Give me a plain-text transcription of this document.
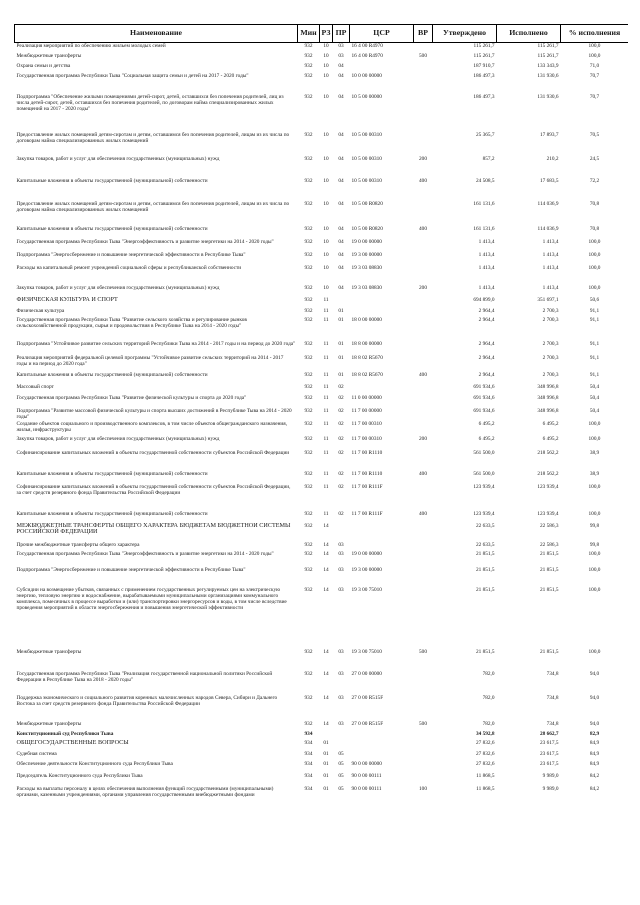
Наименование	Мин	РЗ	ПР	ЦСР	ВР	Утверждено	Исполнено	% исполнения
Реализация мероприятий по обеспечению жильем молодых семей	932	10	03	16 4 00 R4970		115 261,7	115 261,7	100,0
Межбюджетные трансферты	932	10	03	16 4 00 R4970	500	115 261,7	115 261,7	100,0
Охрана семьи и детства	932	10	04			187 910,7	133 343,9	71,0
Государственная программа Республики Тыва "Социальная защита семьи и детей на 2017 - 2020 годы"	932	10	04	10 0 00 00000		186 497,3	131 930,6	70,7
Подпрограмма "Обеспечение жилыми помещениями детей-сирот, детей, оставшихся без попечения родителей, лиц из числа детей-сирот, детей, оставшихся без попечения родителей, по договорам найма специализированных жилых помещений на 2017 - 2020 годы"	932	10	04	10 5 00 00000		186 497,3	131 930,6	70,7
Предоставление жилых помещений детям-сиротам и детям, оставшимся без попечения родителей, лицам из их числа по договорам найма специализированных жилых помещений	932	10	04	10 5 00 00310		25 365,7	17 893,7	70,5
Закупка товаров, работ и услуг для обеспечения государственных (муниципальных) нужд	932	10	04	10 5 00 00310	200	857,2	210,2	24,5
Капитальные вложения в объекты государственной (муниципальной) собственности	932	10	04	10 5 00 00310	400	24 508,5	17 683,5	72,2
Предоставление жилых помещений детям-сиротам и детям, оставшимся без попечения родителей, лицам из их числа по договорам найма специализированных жилых помещений	932	10	04	10 5 00 R0820		161 131,6	114 036,9	70,8
Капитальные вложения в объекты государственной (муниципальной) собственности	932	10	04	10 5 00 R0820	400	161 131,6	114 036,9	70,8
Государственная программа Республики Тыва "Энергоэффективность и развитие энергетики на 2014 - 2020 годы"	932	10	04	19 0 00 00000		1 413,4	1 413,4	100,0
Подпрограмма "Энергосбережение и повышение энергетической эффективности в Республике Тыва"	932	10	04	19 3 00 00000		1 413,4	1 413,4	100,0
Расходы на капитальный ремонт учреждений социальной сферы и республиканской собственности	932	10	04	19 3 03 08830		1 413,4	1 413,4	100,0
Закупка товаров, работ и услуг для обеспечения государственных (муниципальных) нужд	932	10	04	19 3 03 08830	200	1 413,4	1 413,4	100,0
ФИЗИЧЕСКАЯ КУЛЬТУРА И СПОРТ	932	11				694 899,0	351 697,1	50,6
Физическая культура	932	11	01			2 964,4	2 700,3	91,1
Государственная программа Республики Тыва "Развитие сельского хозяйства и регулирование рынков сельскохозяйственной продукции, сырья и продовольствия в Республике Тыва на 2014 - 2020 годы"	932	11	01	18 0 00 00000		2 964,4	2 700,3	91,1
Подпрограмма "Устойчивое развитие сельских территорий Республики Тыва на 2014 - 2017 годы и на период до 2020 года"	932	11	01	18 8 00 00000		2 964,4	2 700,3	91,1
Реализация мероприятий федеральной целевой программы "Устойчивое развитие сельских территорий на 2014 - 2017 годы и на период до 2020 года"	932	11	01	18 8 02 R5670		2 964,4	2 700,3	91,1
Капитальные вложения в объекты государственной (муниципальной) собственности	932	11	01	18 8 02 R5670	400	2 964,4	2 700,3	91,1
Массовый спорт	932	11	02			691 934,6	348 996,8	50,4
Государственная программа Республики Тыва "Развитие физической культуры и спорта до 2020 года"	932	11	02	11 0 00 00000		691 934,6	348 996,8	50,4
Подпрограмма "Развитие массовой физической культуры и спорта высших достижений в Республике Тыва на 2014 - 2020 годы"	932	11	02	11 7 00 00000		691 934,6	348 996,8	50,4
Создание объектов социального и производственного комплексов, в том числе объектов общегражданского назначения, жилья, инфраструктуры	932	11	02	11 7 00 00310		6 495,2	6 495,2	100,0
Закупка товаров, работ и услуг для обеспечения государственных (муниципальных) нужд	932	11	02	11 7 00 00310	200	6 495,2	6 495,2	100,0
Софинансирование капитальных вложений в объекты государственной собственности субъектов Российской Федерации	932	11	02	11 7 00 R1110		561 500,0	218 562,2	38,9
Капитальные вложения в объекты государственной (муниципальной) собственности	932	11	02	11 7 00 R1110	400	561 500,0	218 562,2	38,9
Софинансирование капитальных вложений в объекты государственной собственности субъектов Российской Федерации, за счет средств резервного фонда Правительства Российской Федерации	932	11	02	11 7 00 R111F		123 939,4	123 939,4	100,0
Капитальные вложения в объекты государственной (муниципальной) собственности	932	11	02	11 7 00 R111F	400	123 939,4	123 939,4	100,0
МЕЖБЮДЖЕТНЫЕ ТРАНСФЕРТЫ ОБЩЕГО ХАРАКТЕРА БЮДЖЕТАМ БЮДЖЕТНОЙ СИСТЕМЫ РОССИЙСКОЙ ФЕДЕРАЦИИ	932	14				22 633,5	22 586,3	99,8
Прочие межбюджетные трансферты общего характера	932	14	03			22 633,5	22 586,3	99,8
Государственная программа Республики Тыва "Энергоэффективность и развитие энергетики на 2014 - 2020 годы"	932	14	03	19 0 00 00000		21 851,5	21 851,5	100,0
Подпрограмма "Энергосбережение и повышение энергетической эффективности в Республике Тыва"	932	14	03	19 3 00 00000		21 851,5	21 851,5	100,0
Субсидии на возмещение убытков, связанных с применением государственных регулируемых цен на электрическую энергию, тепловую энергию и водоснабжение, вырабатываемыми муниципальными организациями коммунального комплекса, помесячных в процессе выработки и (или) транспортировки энергоресурсов и воды, в том числе вследствие проведения мероприятий в области энергосбережения и повышения энергетической эффективности	932	14	03	19 3 00 75010		21 851,5	21 851,5	100,0
Межбюджетные трансферты	932	14	03	19 3 00 75010	500	21 851,5	21 851,5	100,0
Государственная программа Республики Тыва "Реализация государственной национальной политики Российской Федерации в Республике Тыва на 2018 - 2020 годы"	932	14	03	27 0 00 00000		782,0	734,8	94,0
Поддержка экономического и социального развития коренных малочисленных народов Севера, Сибири и Дальнего Востока за счет средств резервного фонда Правительства Российской Федерации	932	14	03	27 0 00 R515F		782,0	734,8	94,0
Межбюджетные трансферты	932	14	03	27 0 00 R515F	500	782,0	734,8	94,0
Конституционный суд Республики Тыва	934					34 592,8	28 662,7	82,9
ОБЩЕГОСУДАРСТВЕННЫЕ ВОПРОСЫ	934	01				27 832,6	23 617,5	84,9
Судебная система	934	01	05			27 832,6	23 617,5	84,9
Обеспечение деятельности Конституционного суда Республики Тыва	934	01	05	90 0 00 00000		27 832,6	23 617,5	84,9
Председатель Конституционного суда Республики Тыва	934	01	05	90 0 00 00111		11 868,5	9 989,0	84,2
Расходы на выплаты персоналу в целях обеспечения выполнения функций государственными (муниципальными) органами, казенными учреждениями, органами управления государственными внебюджетными фондами	934	01	05	90 0 00 00111	100	11 868,5	9 989,0	84,2
